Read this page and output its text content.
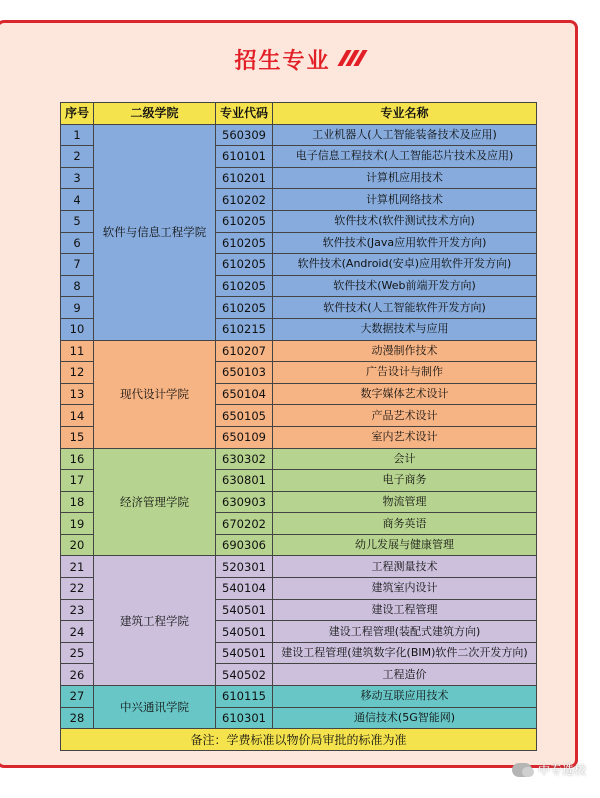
招生专业
序号	二级学院	专业代码	专业名称
1	软件与信息工程学院	560309	工业机器人(人工智能装备技术及应用)
2		610101	电子信息工程技术(人工智能芯片技术及应用)
3		610201	计算机应用技术
4		610202	计算机网络技术
5		610205	软件技术(软件测试技术方向)
6		610205	软件技术(Java应用软件开发方向)
7		610205	软件技术(Android(安卓)应用软件开发方向)
8		610205	软件技术(Web前端开发方向)
9		610205	软件技术(人工智能软件开发方向)
10		610215	大数据技术与应用
11	现代设计学院	610207	动漫制作技术
12		650103	广告设计与制作
13		650104	数字媒体艺术设计
14		650105	产品艺术设计
15		650109	室内艺术设计
16	经济管理学院	630302	会计
17		630801	电子商务
18		630903	物流管理
19		670202	商务英语
20		690306	幼儿发展与健康管理
21	建筑工程学院	520301	工程测量技术
22		540104	建筑室内设计
23		540501	建设工程管理
24		540501	建设工程管理(装配式建筑方向)
25		540501	建设工程管理(建筑数字化(BIM)软件二次开发方向)
26		540502	工程造价
27	中兴通讯学院	610115	移动互联应用技术
28		610301	通信技术(5G智能网)
备注：学费标准以物价局审批的标准为准			
中专选校
